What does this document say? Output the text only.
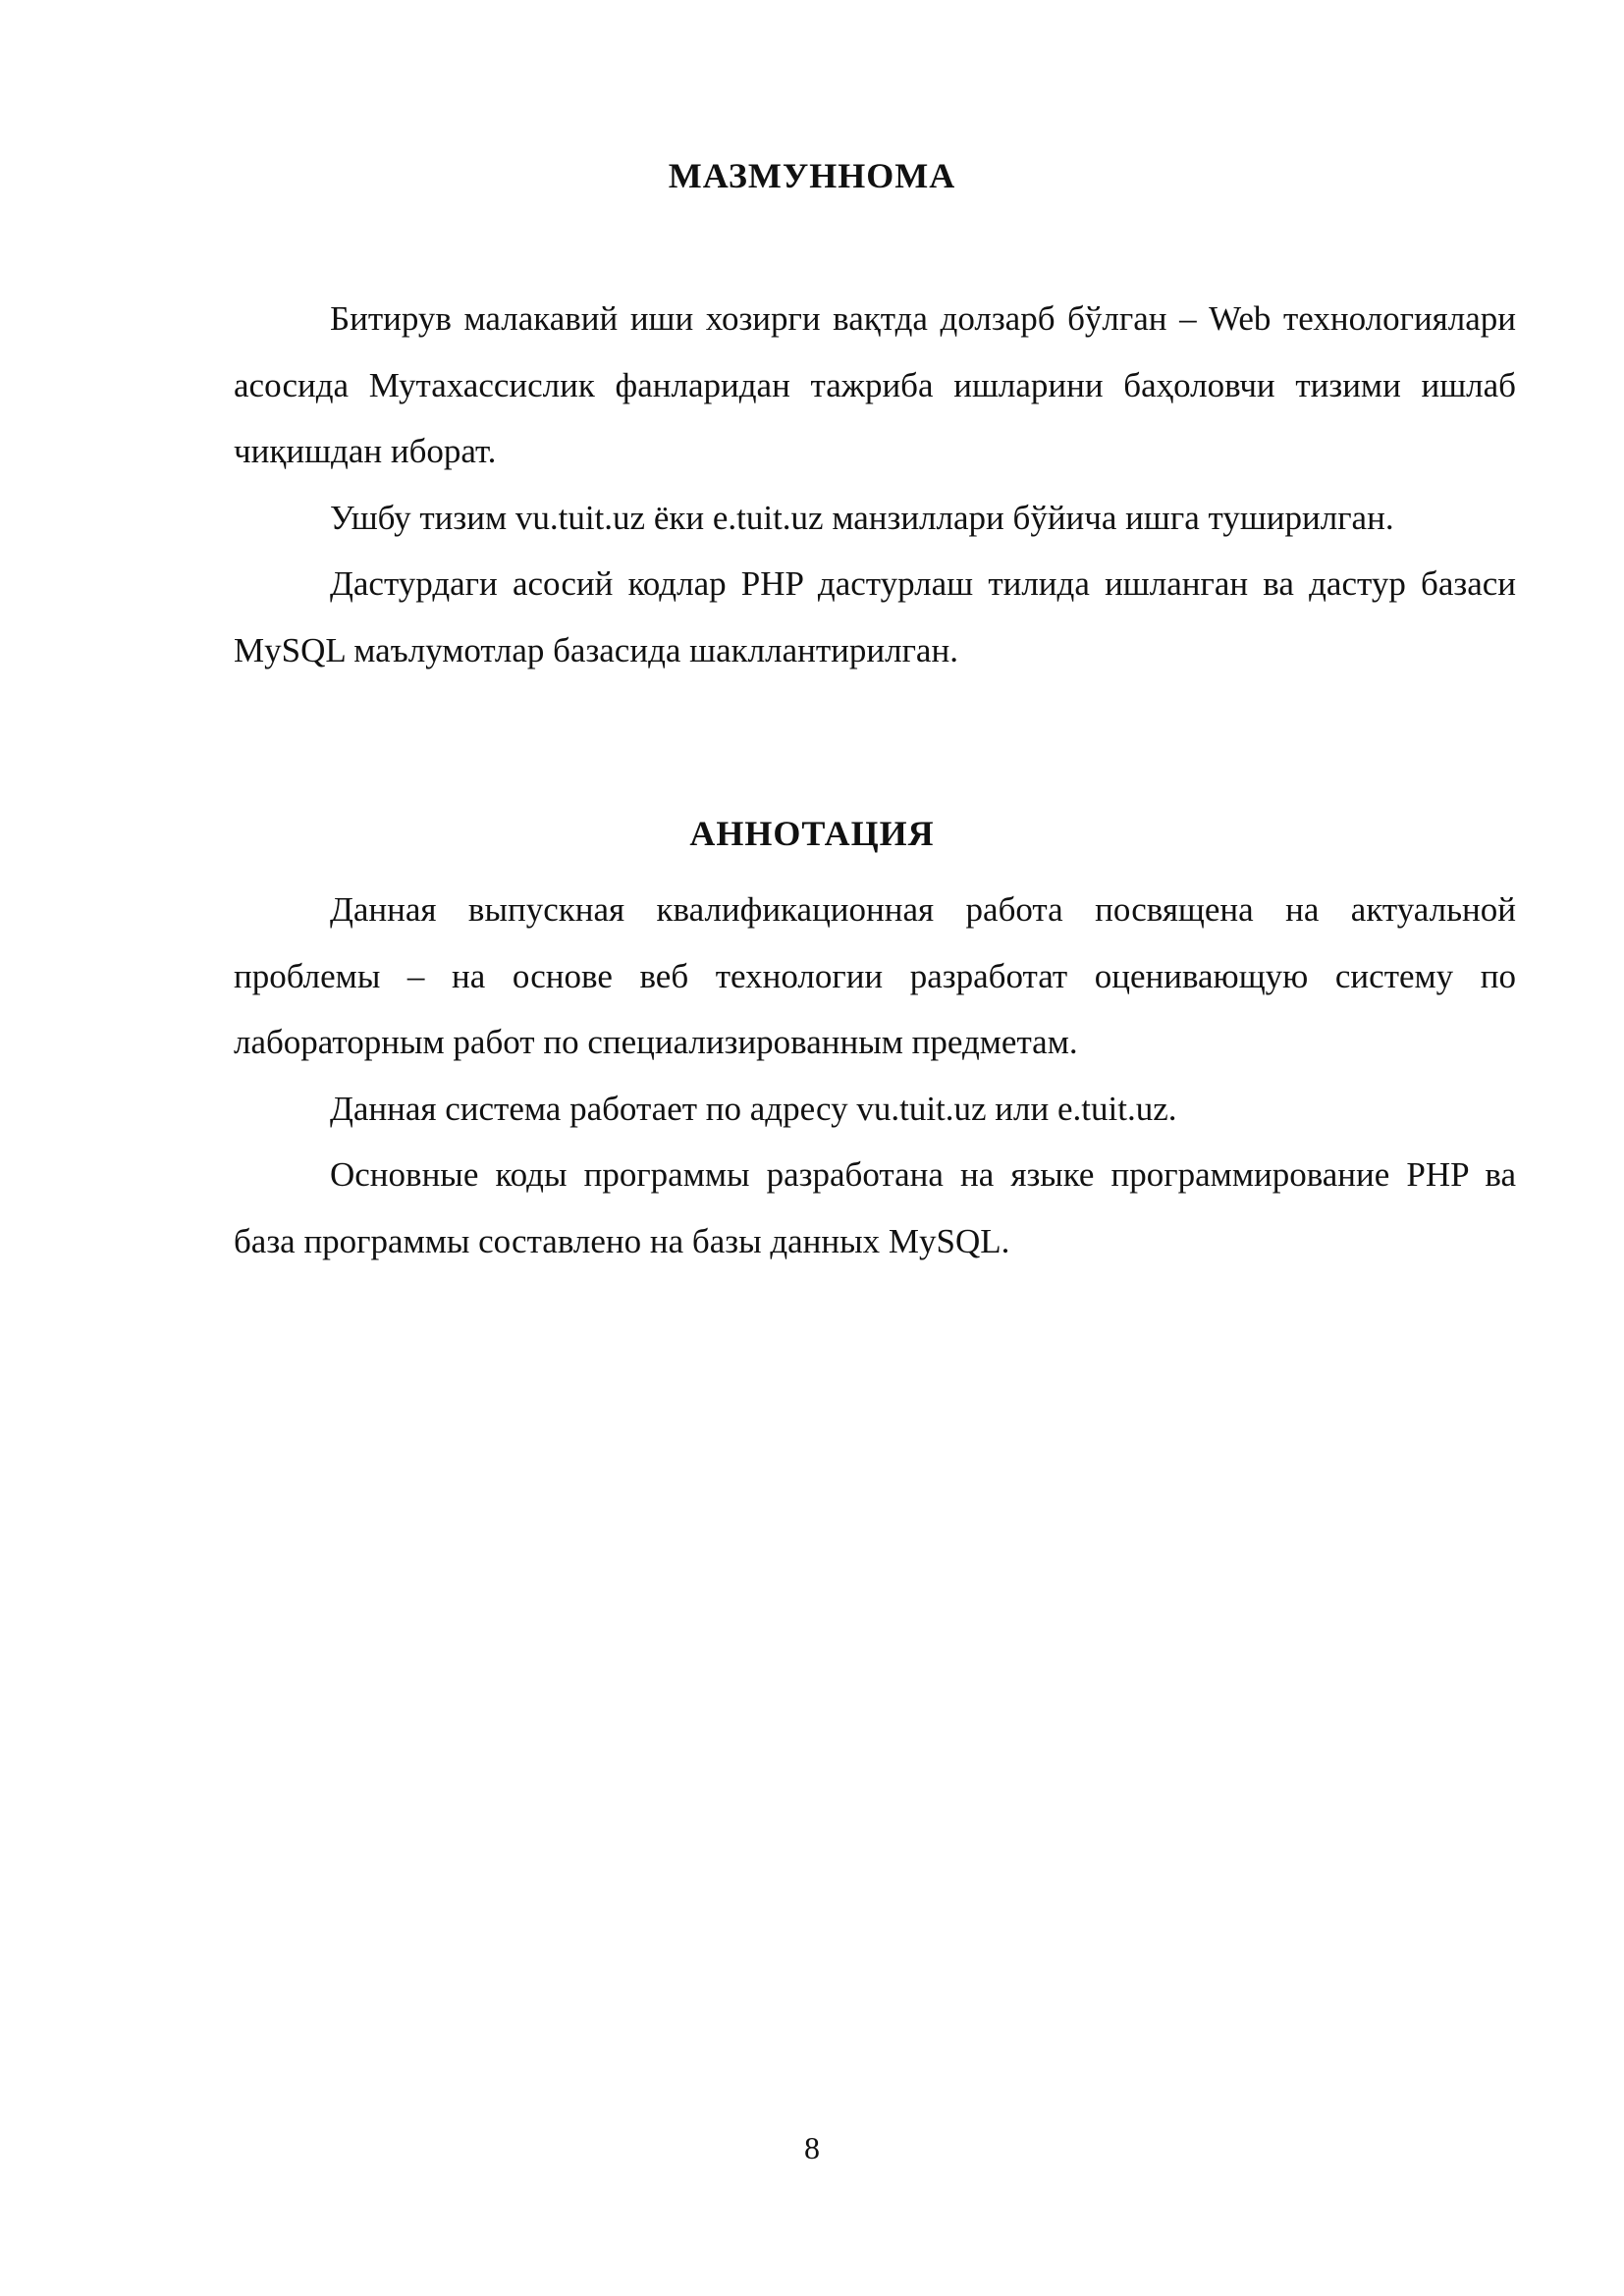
МАЗМУННОМА

Битирув малакавий иши хозирги вақтда долзарб бўлган – Web технологиялари асосида Мутахассислик фанларидан тажриба ишларини баҳоловчи тизими ишлаб чиқишдан иборат.

Ушбу тизим vu.tuit.uz ёки e.tuit.uz манзиллари бўйича ишга туширилган.

Дастурдаги асосий кодлар PHP дастурлаш тилида ишланган ва дастур базаси MySQL маълумотлар базасида шакллантирилган.

АННОТАЦИЯ

Данная выпускная квалификационная работа посвящена на актуальной проблемы – на основе веб технологии разработат оценивающую систему по лабораторным работ по специализированным предметам.

Данная система работает по адресу vu.tuit.uz или e.tuit.uz.

Основные коды программы разработана на языке программирование PHP ва база программы составлено на базы данных MySQL.

8
